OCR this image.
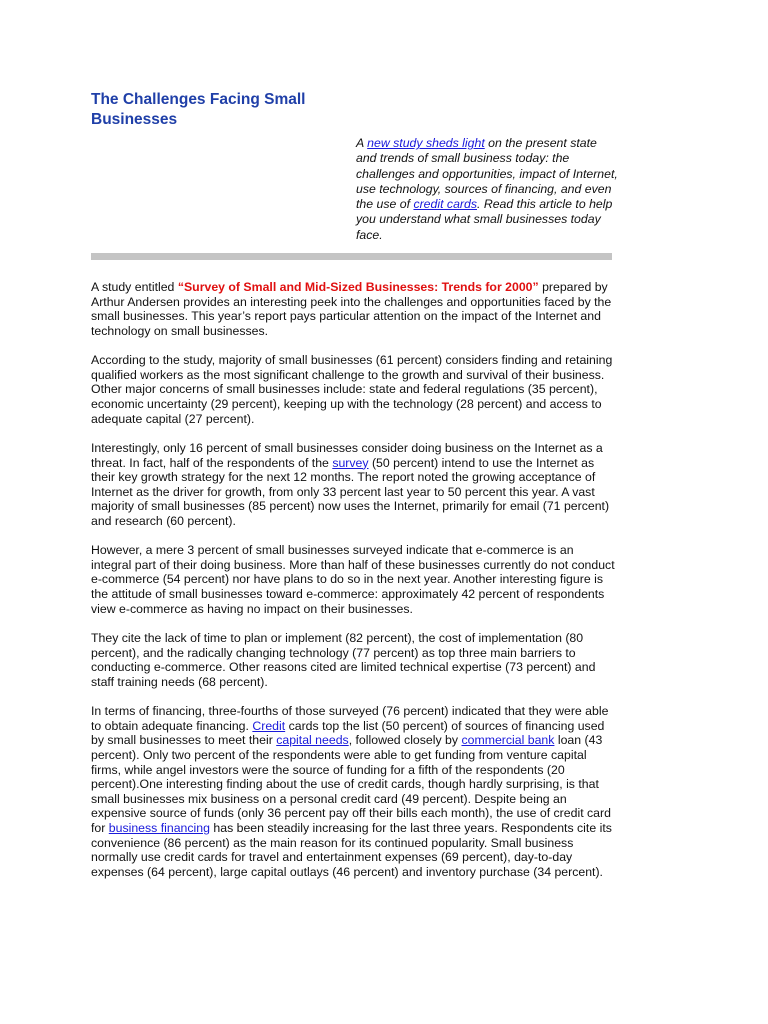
The Challenges Facing Small
Businesses

A new study sheds light on the present state and trends of small business today: the challenges and opportunities, impact of Internet, use technology, sources of financing, and even the use of credit cards. Read this article to help you understand what small businesses today face.

A study entitled “Survey of Small and Mid-Sized Businesses: Trends for 2000” prepared by Arthur Andersen provides an interesting peek into the challenges and opportunities faced by the small businesses. This year’s report pays particular attention on the impact of the Internet and technology on small businesses.

According to the study, majority of small businesses (61 percent) considers finding and retaining qualified workers as the most significant challenge to the growth and survival of their business. Other major concerns of small businesses include: state and federal regulations (35 percent), economic uncertainty (29 percent), keeping up with the technology (28 percent) and access to adequate capital (27 percent).

Interestingly, only 16 percent of small businesses consider doing business on the Internet as a threat. In fact, half of the respondents of the survey (50 percent) intend to use the Internet as their key growth strategy for the next 12 months. The report noted the growing acceptance of Internet as the driver for growth, from only 33 percent last year to 50 percent this year. A vast majority of small businesses (85 percent) now uses the Internet, primarily for email (71 percent) and research (60 percent).

However, a mere 3 percent of small businesses surveyed indicate that e-commerce is an integral part of their doing business. More than half of these businesses currently do not conduct e-commerce (54 percent) nor have plans to do so in the next year. Another interesting figure is the attitude of small businesses toward e-commerce: approximately 42 percent of respondents view e-commerce as having no impact on their businesses.

They cite the lack of time to plan or implement (82 percent), the cost of implementation (80 percent), and the radically changing technology (77 percent) as top three main barriers to conducting e-commerce. Other reasons cited are limited technical expertise (73 percent) and staff training needs (68 percent).

In terms of financing, three-fourths of those surveyed (76 percent) indicated that they were able to obtain adequate financing. Credit cards top the list (50 percent) of sources of financing used by small businesses to meet their capital needs, followed closely by commercial bank loan (43 percent). Only two percent of the respondents were able to get funding from venture capital firms, while angel investors were the source of funding for a fifth of the respondents (20 percent).One interesting finding about the use of credit cards, though hardly surprising, is that small businesses mix business on a personal credit card (49 percent). Despite being an expensive source of funds (only 36 percent pay off their bills each month), the use of credit card for business financing has been steadily increasing for the last three years. Respondents cite its convenience (86 percent) as the main reason for its continued popularity. Small business normally use credit cards for travel and entertainment expenses (69 percent), day-to-day expenses (64 percent), large capital outlays (46 percent) and inventory purchase (34 percent).
